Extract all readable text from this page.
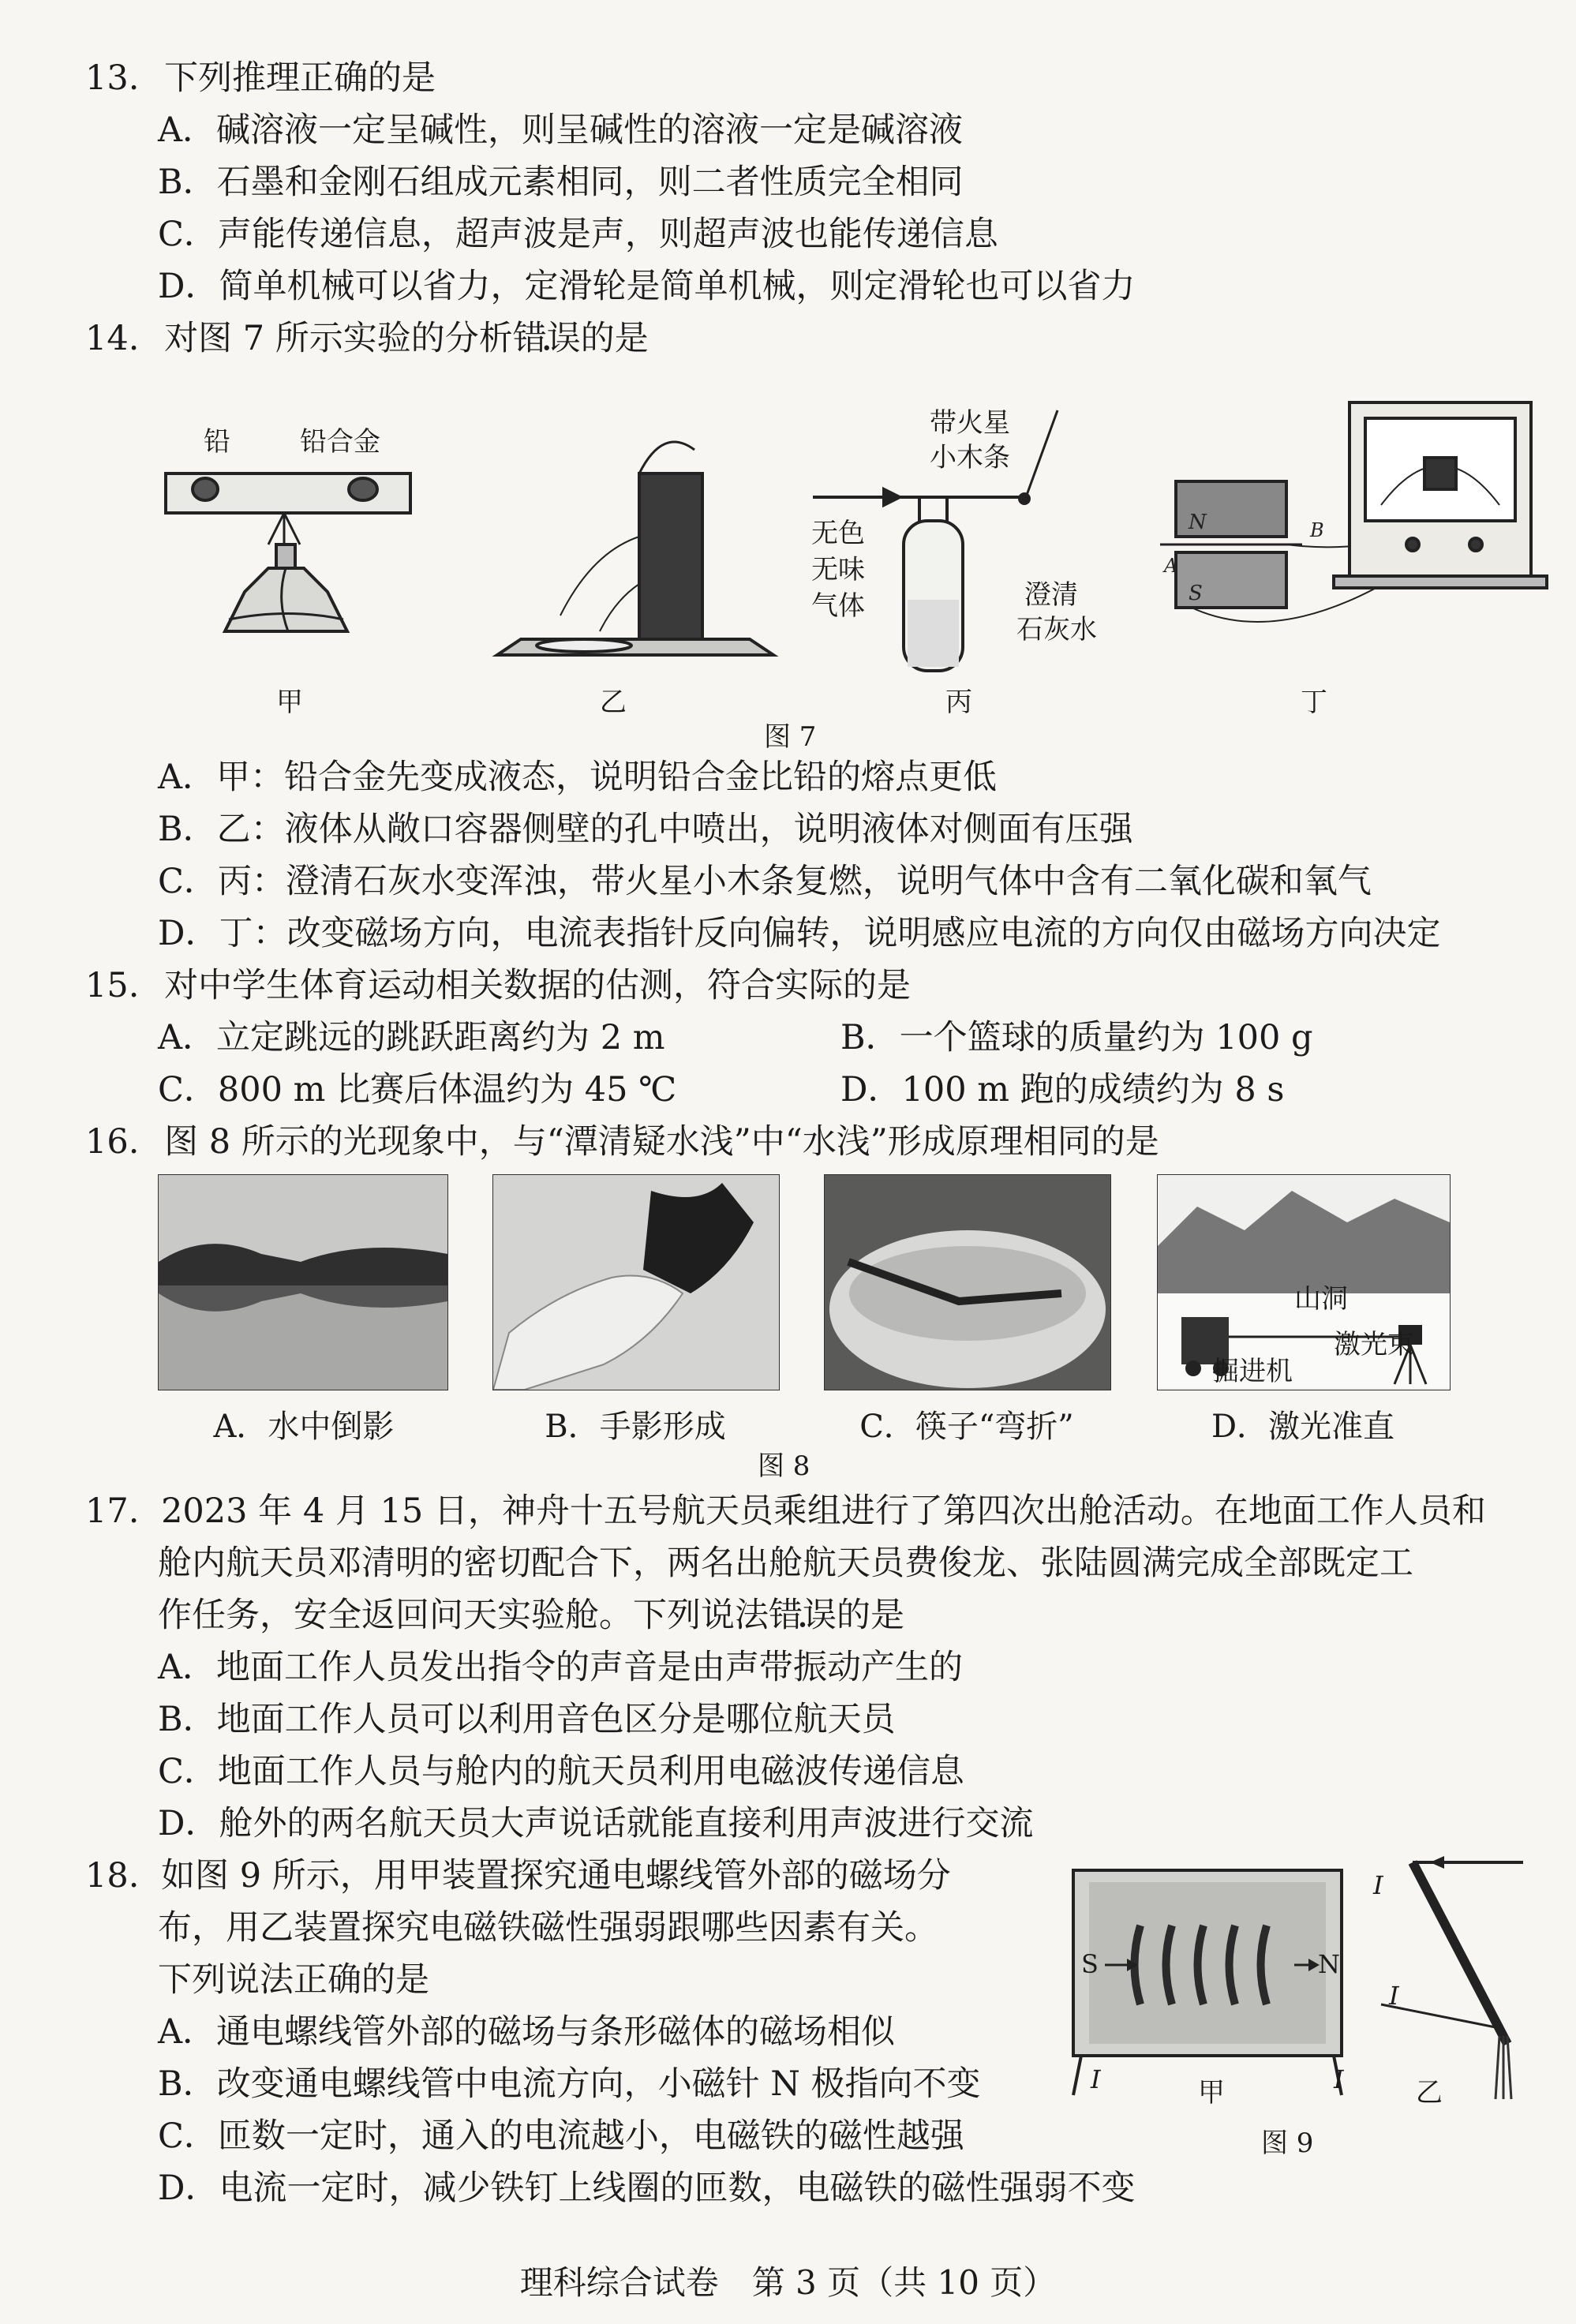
13. 下列推理正确的是
A．碱溶液一定呈碱性，则呈碱性的溶液一定是碱溶液
B．石墨和金刚石组成元素相同，则二者性质完全相同
C．声能传递信息，超声波是声，则超声波也能传递信息
D．简单机械可以省力，定滑轮是简单机械，则定滑轮也可以省力
14. 对图 7 所示实验的分析错误的是
N
S
A
B
铅	铅合金
带火星
小木条
无色
无味
气体	澄清
石灰水
甲	乙	丙	丁
图 7
A．甲：铅合金先变成液态，说明铅合金比铅的熔点更低
B．乙：液体从敞口容器侧壁的孔中喷出，说明液体对侧面有压强
C．丙：澄清石灰水变浑浊，带火星小木条复燃，说明气体中含有二氧化碳和氧气
D．丁：改变磁场方向，电流表指针反向偏转，说明感应电流的方向仅由磁场方向决定
15. 对中学生体育运动相关数据的估测，符合实际的是
A．立定跳远的跳跃距离约为 2 m	B．一个篮球的质量约为 100 g
C．800 m 比赛后体温约为 45 ℃	D．100 m 跑的成绩约为 8 s
16. 图 8 所示的光现象中，与“潭清疑水浅”中“水浅”形成原理相同的是
山洞
激光束
掘进机
A．水中倒影	B．手影形成	C．筷子“弯折”	D．激光准直
图 8
17. 2023 年 4 月 15 日，神舟十五号航天员乘组进行了第四次出舱活动。在地面工作人员和
舱内航天员邓清明的密切配合下，两名出舱航天员费俊龙、张陆圆满完成全部既定工
作任务，安全返回问天实验舱。下列说法错误的是
A．地面工作人员发出指令的声音是由声带振动产生的
B．地面工作人员可以利用音色区分是哪位航天员
C．地面工作人员与舱内的航天员利用电磁波传递信息
D．舱外的两名航天员大声说话就能直接利用声波进行交流
18. 如图 9 所示，用甲装置探究通电螺线管外部的磁场分
布，用乙装置探究电磁铁磁性强弱跟哪些因素有关。
下列说法正确的是
A．通电螺线管外部的磁场与条形磁体的磁场相似
B．改变通电螺线管中电流方向，小磁针 N 极指向不变
C．匝数一定时，通入的电流越小，电磁铁的磁性越强
D．电流一定时，减少铁钉上线圈的匝数，电磁铁的磁性强弱不变
S	N
I	I
I
I
甲	乙
图 9
理科综合试卷　第 3 页（共 10 页）
